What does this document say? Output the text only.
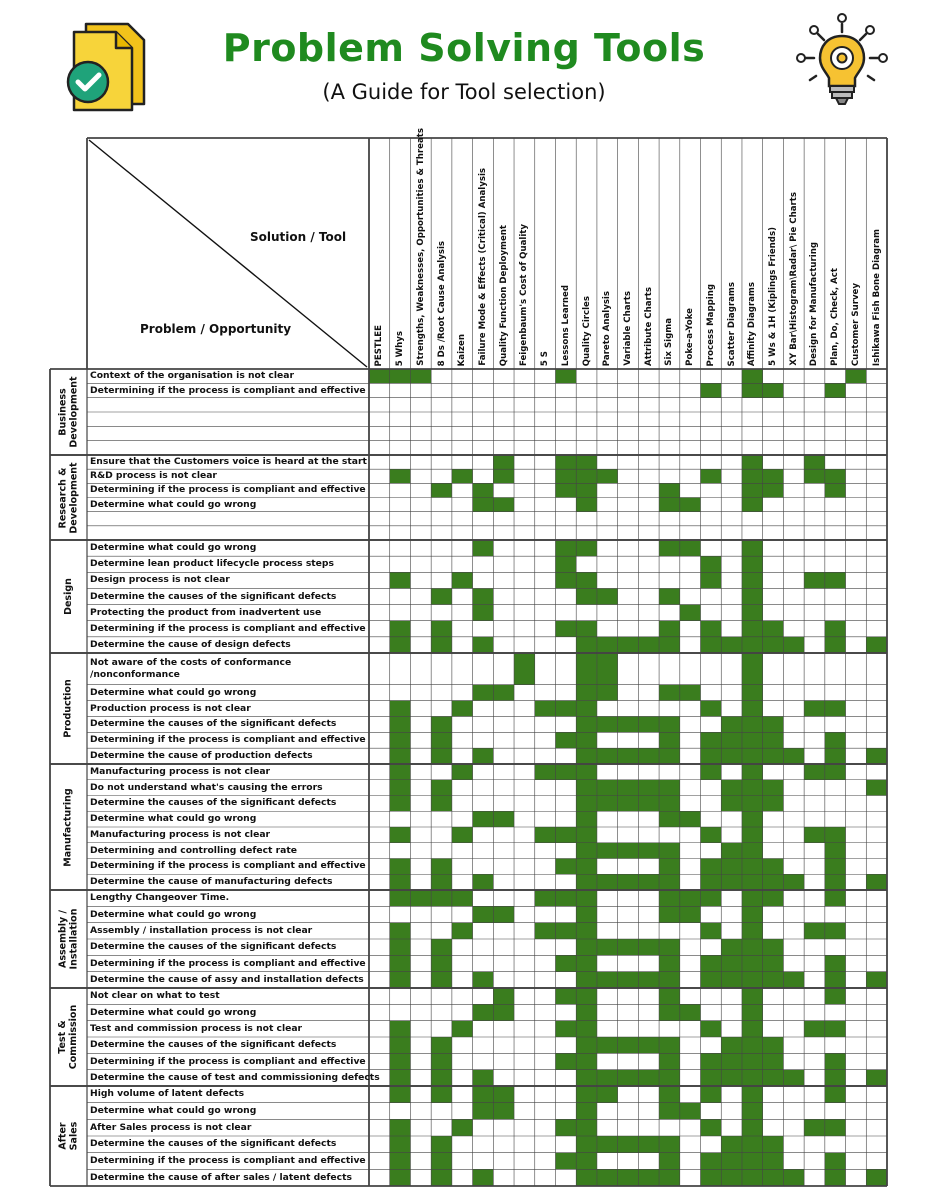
Problem Solving Tools
(A Guide for Tool selection)
Solution / Tool
Problem / Opportunity	PESTLEE 5 Whys Strengths, Weaknesses, Opportunities & Threats 8 Ds /Root Cause Analysis Kaizen Failure Mode & Effects (Critical) Analysis Quality Function Deployment Feigenbaum's Cost of Quality 5 S Lessons Learned Quality Circles Pareto Analysis Variable Charts Attribute Charts Six Sigma Poke-a-Yoke Process Mapping Scatter Diagrams Affinity Diagrams 5 Ws & 1H (Kiplings Friends) XY Bar\Histogram\Radar\ Pie Charts Design for Manufacturing Plan, Do, Check, Act Customer Survey Ishikawa Fish Bone Diagram
Business Development
Context of the organisation is not clear
Determining if the process is compliant and effective
Research & Development
Ensure that the Customers voice is heard at the start
R&D process is not clear
Determining if the process is compliant and effective
Determine what could go wrong
Design
Determine what could go wrong
Determine lean product lifecycle process steps
Design process is not clear
Determine the causes of the significant defects
Protecting the product from inadvertent use
Determining if the process is compliant and effective
Determine the cause of design defects
Production
Not aware of the costs of conformance /nonconformance
Determine what could go wrong
Production process is not clear
Determine the causes of the significant defects
Determining if the process is compliant and effective
Determine the cause of production defects
Manufacturing
Manufacturing process is not clear
Do not understand what's causing the errors
Determine the causes of the significant defects
Determine what could go wrong
Manufacturing process is not clear
Determining and controlling defect rate
Determining if the process is compliant and effective
Determine the cause of manufacturing defects
Assembly / Installation
Lengthy Changeover Time.
Determine what could go wrong
Assembly / installation process is not clear
Determine the causes of the significant defects
Determining if the process is compliant and effective
Determine the cause of assy and installation defects
Test & Commission
Not clear on what to test
Determine what could go wrong
Test and commission process is not clear
Determine the causes of the significant defects
Determining if the process is compliant and effective
Determine the cause of test and commissioning defects
After Sales
High volume of latent defects
Determine what could go wrong
After Sales process is not clear
Determine the causes of the significant defects
Determining if the process is compliant and effective
Determine the cause of after sales / latent defects
